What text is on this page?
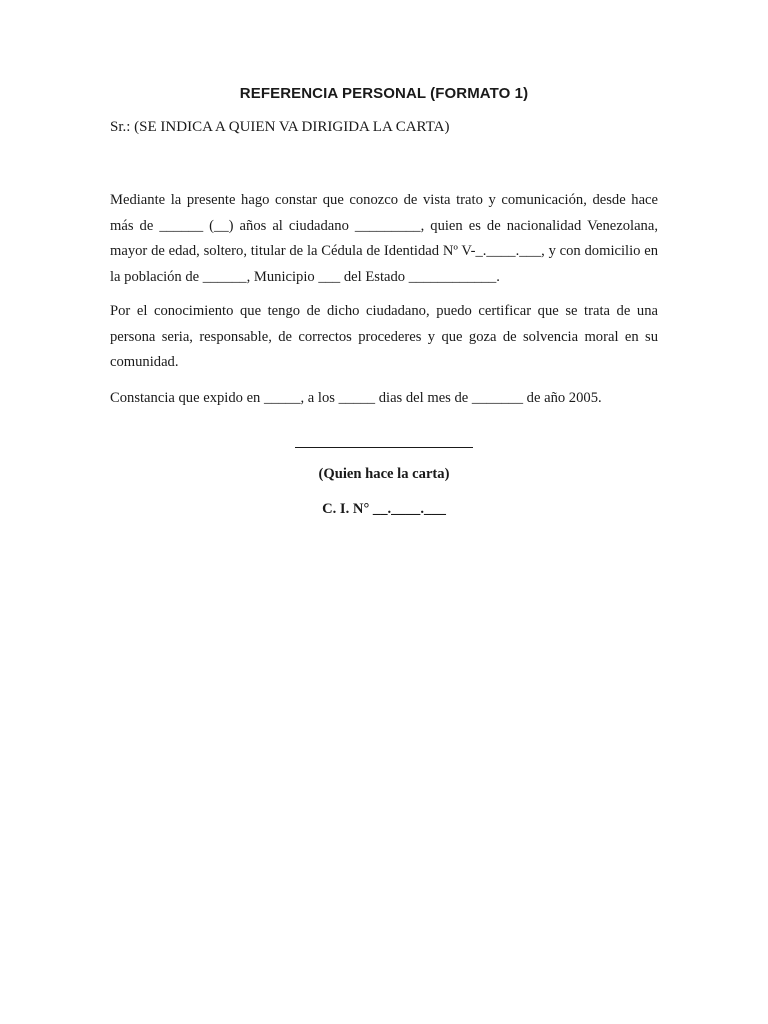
REFERENCIA PERSONAL (FORMATO 1)

Sr.: (SE INDICA A QUIEN VA DIRIGIDA LA CARTA)

Mediante la presente hago constar que conozco de vista trato y comunicación, desde hace más de ______ (__) años al ciudadano _________, quien es de nacionalidad Venezolana, mayor de edad, soltero, titular de la Cédula de Identidad Nº V-_.____.___, y con domicilio en la población de ______, Municipio ___ del Estado ____________.

Por el conocimiento que tengo de dicho ciudadano, puedo certificar que se trata de una persona seria, responsable, de correctos procederes y que goza de solvencia moral en su comunidad.

Constancia que expido en _____, a los _____ dias del mes de _______ de año 2005.

(Quien hace la carta)

C. I. N° __.____.___
